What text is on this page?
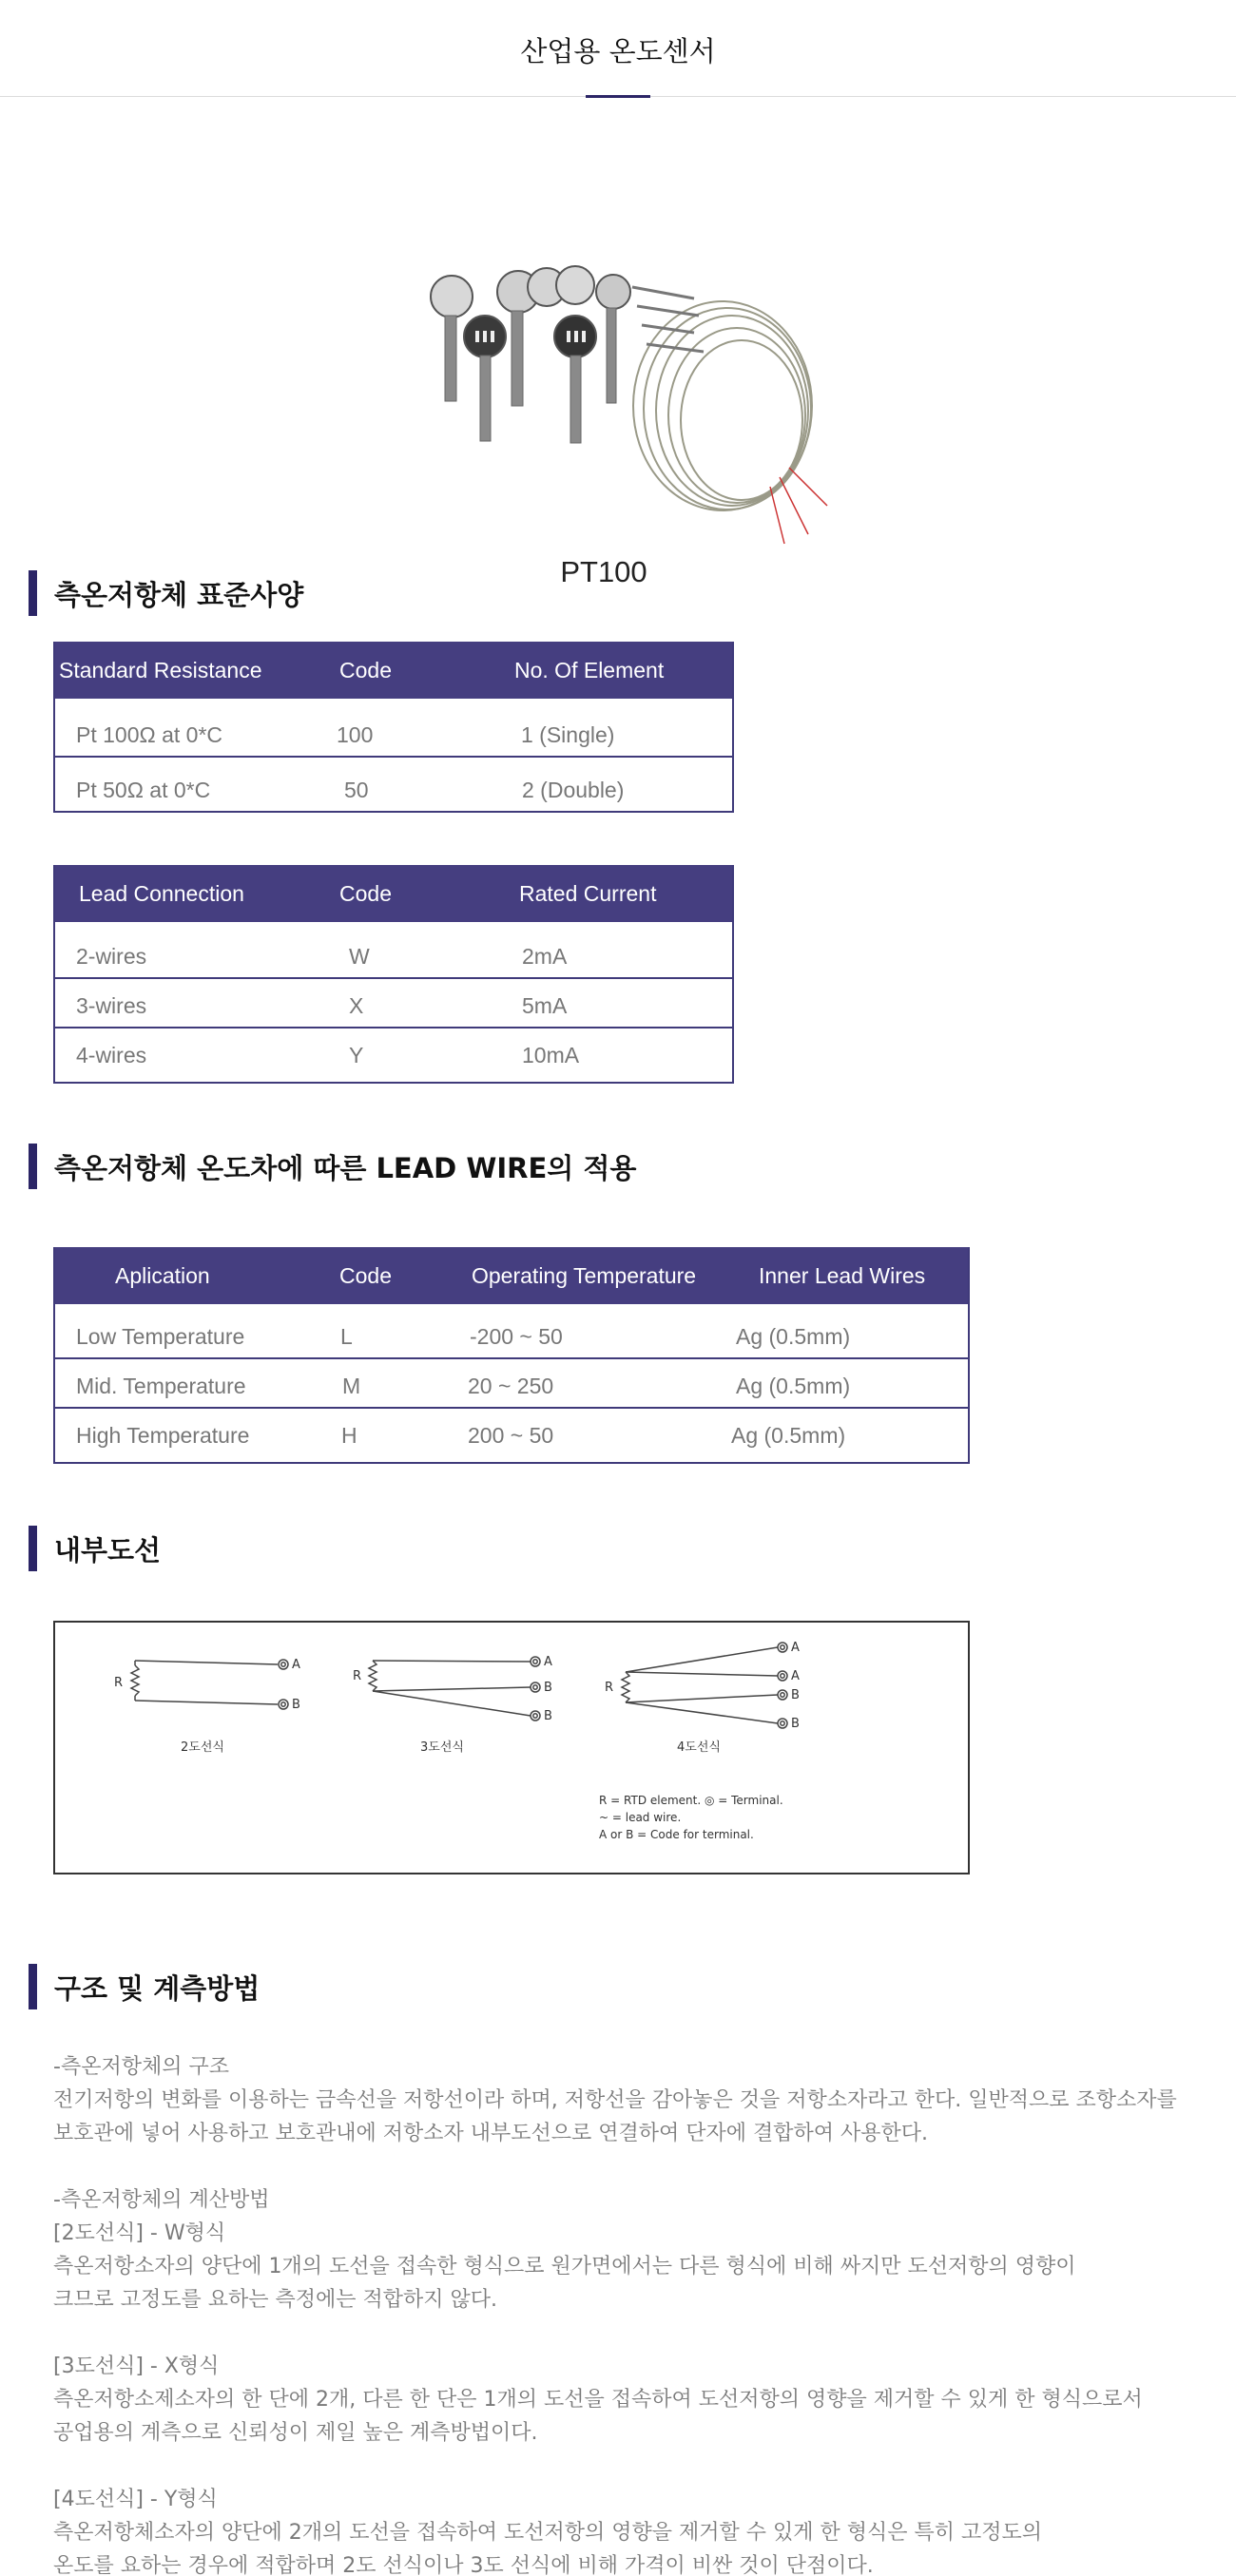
산업용 온도센서
PT100
측온저항체 표준사양
Standard Resistance	Code	No. Of Element
Pt 100Ω at 0*C	100	1 (Single)
Pt 50Ω at 0*C	50	2 (Double)
Lead Connection	Code	Rated Current
2-wires	W	2mA
3-wires	X	5mA
4-wires	Y	10mA
측온저항체 온도차에 따른 LEAD WIRE의 적용
Aplication	Code	Operating Temperature	Inner Lead Wires
Low Temperature	L	-200 ~ 50	Ag (0.5mm)
Mid. Temperature	M	20 ~ 250	Ag (0.5mm)
High Temperature	H	200 ~ 50	Ag (0.5mm)
내부도선
R
A
B
2도선식
R
A
B
B
3도선식
R
A
A
B
B
4도선식
R = RTD element. ◎ = Terminal.
~ = lead wire.
A or B = Code for terminal.
구조 및 계측방법
-측온저항체의 구조
전기저항의 변화를 이용하는 금속선을 저항선이라 하며, 저항선을 감아놓은 것을 저항소자라고 한다. 일반적으로 조항소자를
보호관에 넣어 사용하고 보호관내에 저항소자 내부도선으로 연결하여 단자에 결합하여 사용한다.
-측온저항체의 계산방법
[2도선식] - W형식
측온저항소자의 양단에 1개의 도선을 접속한 형식으로 원가면에서는 다른 형식에 비해 싸지만 도선저항의 영향이
크므로 고정도를 요하는 측정에는 적합하지 않다.
[3도선식] - X형식
측온저항소제소자의 한 단에 2개, 다른 한 단은 1개의 도선을 접속하여 도선저항의 영향을 제거할 수 있게 한 형식으로서
공업용의 계측으로 신뢰성이 제일 높은 계측방법이다.
[4도선식] - Y형식
측온저항체소자의 양단에 2개의 도선을 접속하여 도선저항의 영향을 제거할 수 있게 한 형식은 특히 고정도의
온도를 요하는 경우에 적합하며 2도 선식이나 3도 선식에 비해 가격이 비싼 것이 단점이다.
